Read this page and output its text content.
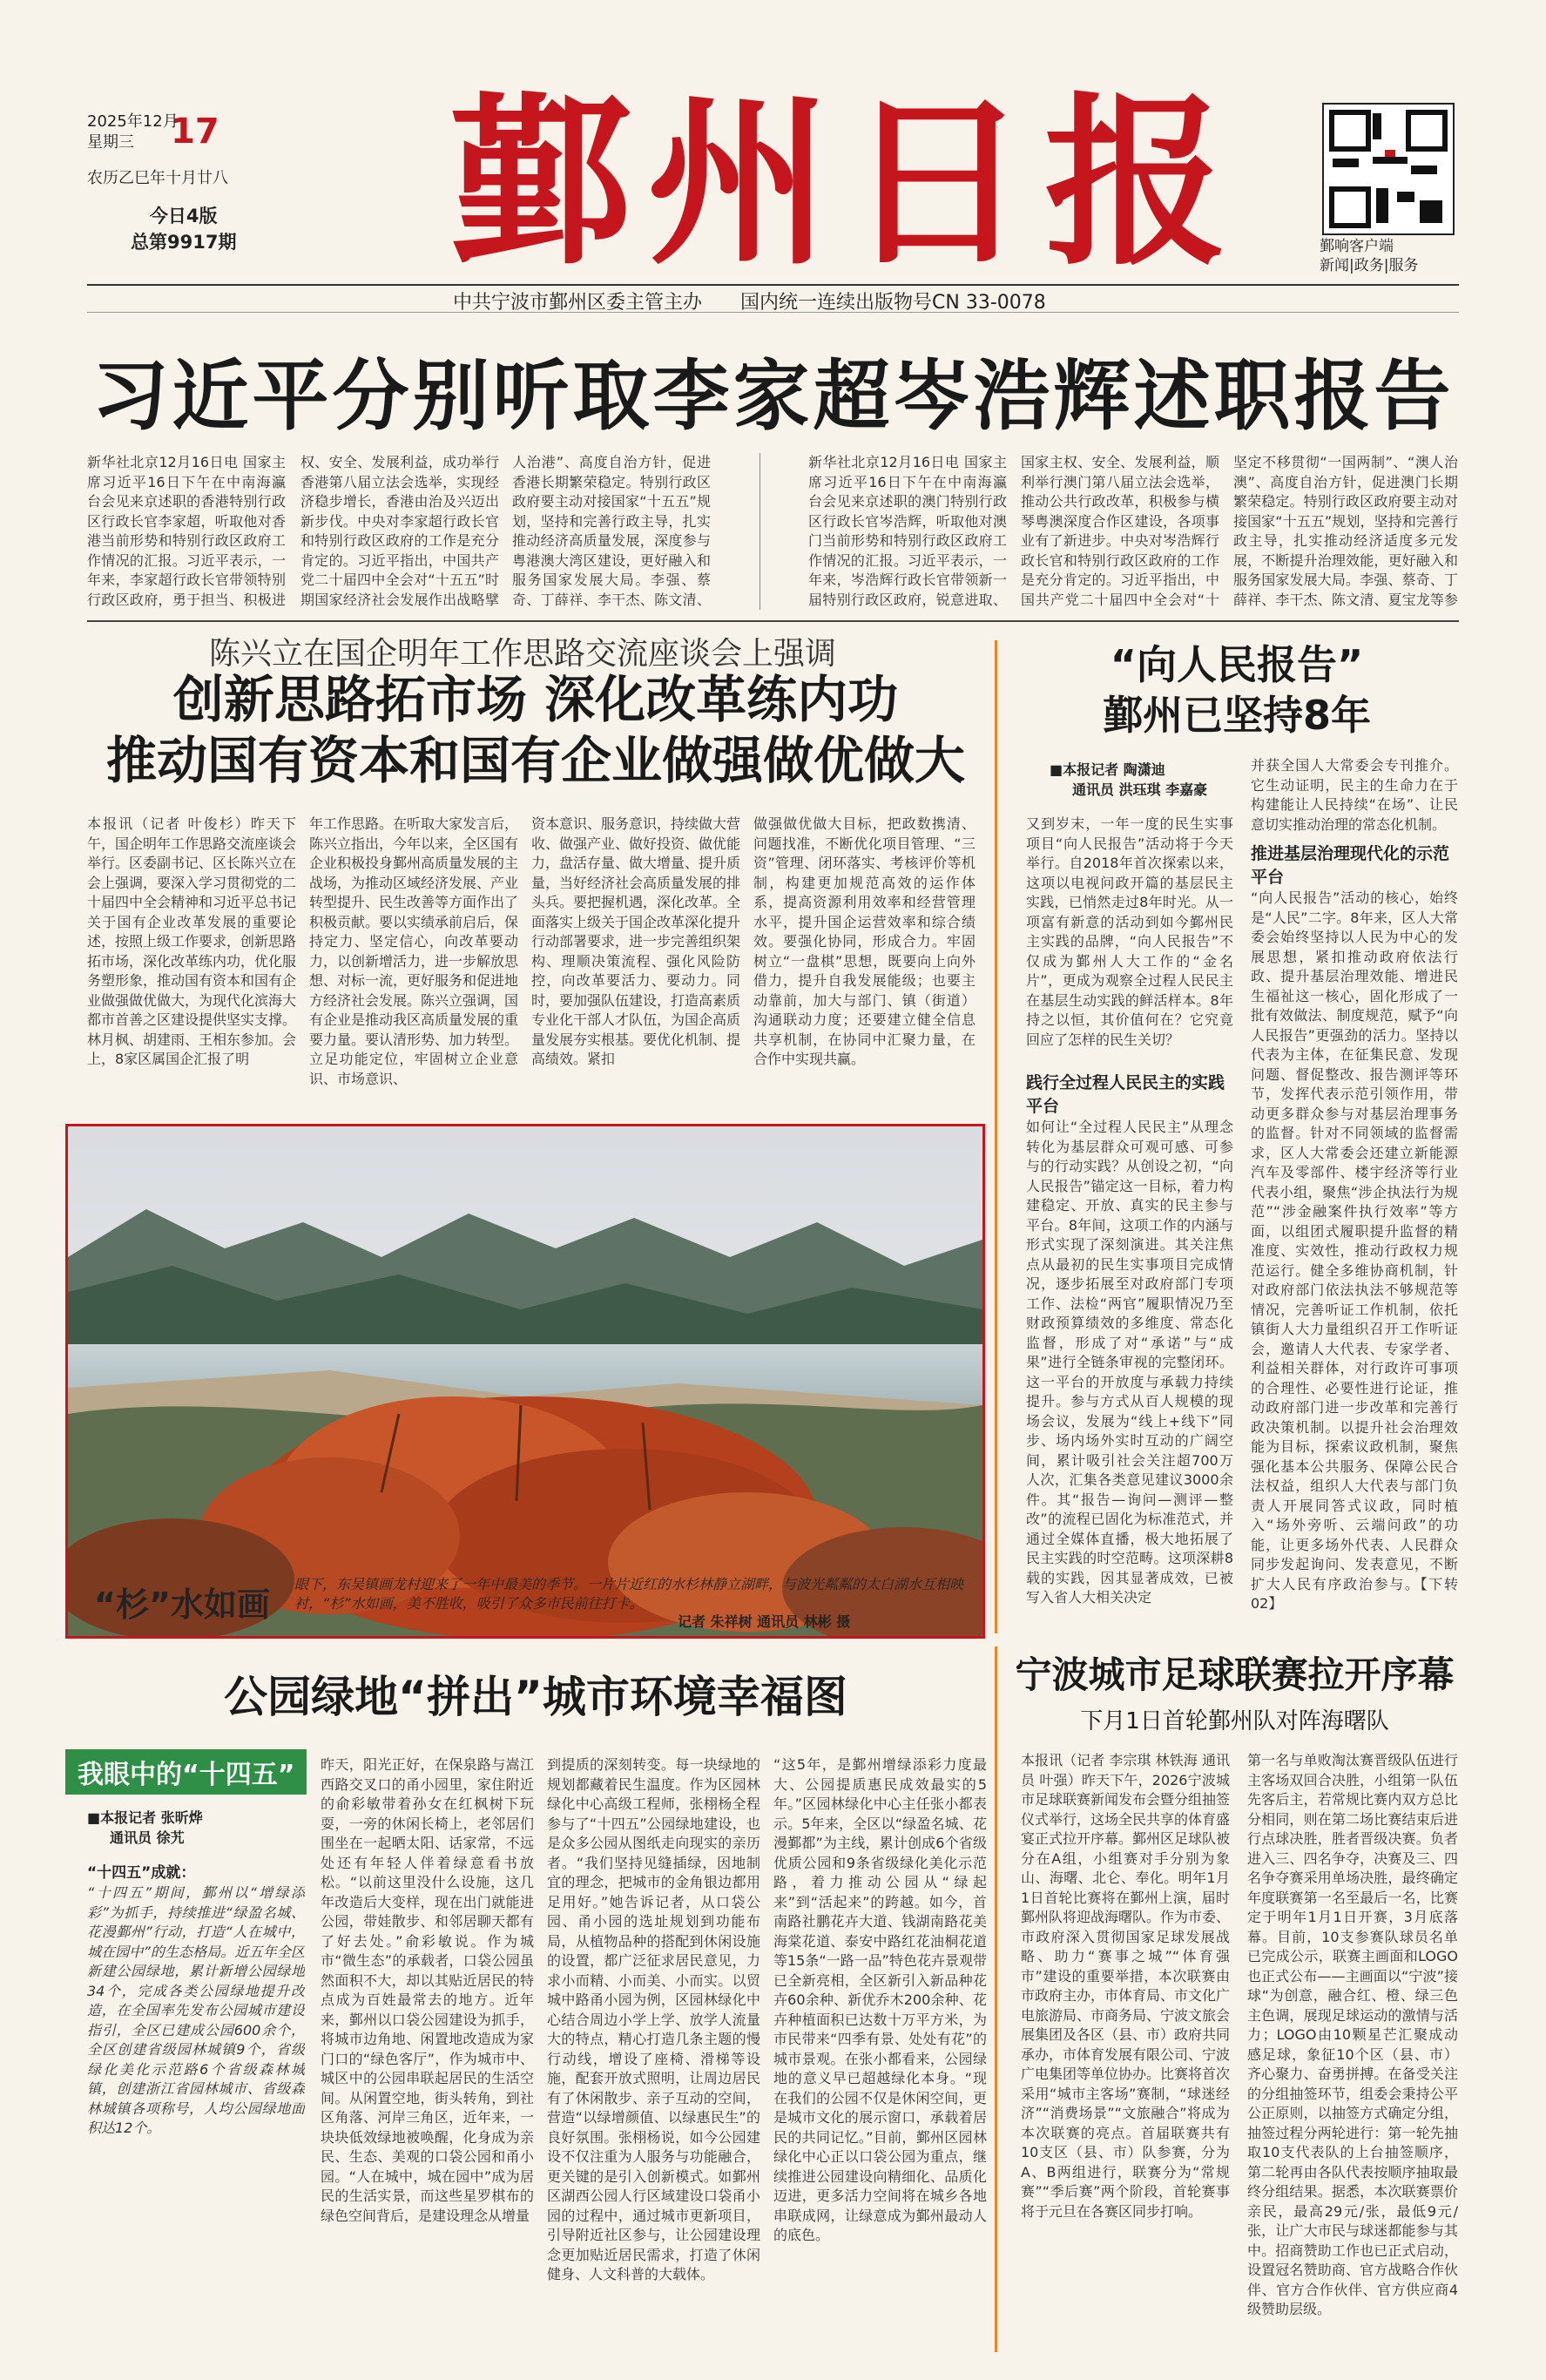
2025年12月
星期三	17
农历乙巳年十月廿八
今日4版
总第9917期 鄞州日报	鄞响客户端
新闻|政务|服务
中共宁波市鄞州区委主管主办 国内统一连续出版物号CN 33-0078
习近平分别听取李家超岑浩辉述职报告
新华社北京12月16日电 国家主席习近平16日下午在中南海瀛台会见来京述职的香港特别行政区行政长官李家超，听取他对香港当前形势和特别行政区政府工作情况的汇报。习近平表示，一年来，李家超行政长官带领特别行政区政府，勇于担当、积极进
权、安全、发展利益，成功举行香港第八届立法会选举，实现经济稳步增长，香港由治及兴迈出新步伐。中央对李家超行政长官和特别行政区政府的工作是充分肯定的。习近平指出，中国共产党二十届四中全会对“十五五”时期国家经济社会发展作出战略擘
人治港”、高度自治方针，促进香港长期繁荣稳定。特别行政区政府要主动对接国家“十五五”规划，坚持和完善行政主导，扎实推动经济高质量发展，深度参与粤港澳大湾区建设，更好融入和服务国家发展大局。李强、蔡奇、丁薛祥、李干杰、陈文清、
新华社北京12月16日电 国家主席习近平16日下午在中南海瀛台会见来京述职的澳门特别行政区行政长官岑浩辉，听取他对澳门当前形势和特别行政区政府工作情况的汇报。习近平表示，一年来，岑浩辉行政长官带领新一届特别行政区政府，锐意进取、
国家主权、安全、发展利益，顺利举行澳门第八届立法会选举，推动公共行政改革，积极参与横琴粤澳深度合作区建设，各项事业有了新进步。中央对岑浩辉行政长官和特别行政区政府的工作是充分肯定的。习近平指出，中国共产党二十届四中全会对“十
坚定不移贯彻“一国两制”、“澳人治澳”、高度自治方针，促进澳门长期繁荣稳定。特别行政区政府要主动对接国家“十五五”规划，坚持和完善行政主导，扎实推动经济适度多元发展，不断提升治理效能，更好融入和服务国家发展大局。李强、蔡奇、丁薛祥、李干杰、陈文清、夏宝龙等参
陈兴立在国企明年工作思路交流座谈会上强调
创新思路拓市场 深化改革练内功
推动国有资本和国有企业做强做优做大
本报讯（记者 叶俊杉）昨天下午，国企明年工作思路交流座谈会举行。区委副书记、区长陈兴立在会上强调，要深入学习贯彻党的二十届四中全会精神和习近平总书记关于国有企业改革发展的重要论述，按照上级工作要求，创新思路拓市场，深化改革练内功，优化服务塑形象，推动国有资本和国有企业做强做优做大，为现代化滨海大都市首善之区建设提供坚实支撑。林月枫、胡建雨、王相东参加。会上，8家区属国企汇报了明
年工作思路。在听取大家发言后，陈兴立指出，今年以来，全区国有企业积极投身鄞州高质量发展的主战场，为推动区域经济发展、产业转型提升、民生改善等方面作出了积极贡献。要以实绩承前启后，保持定力、坚定信心，向改革要动力，以创新增活力，进一步解放思想、对标一流，更好服务和促进地方经济社会发展。陈兴立强调，国有企业是推动我区高质量发展的重要力量。要认清形势、加力转型。立足功能定位，牢固树立企业意识、市场意识、
资本意识、服务意识，持续做大营收、做强产业、做好投资、做优能力，盘活存量、做大增量、提升质量，当好经济社会高质量发展的排头兵。要把握机遇，深化改革。全面落实上级关于国企改革深化提升行动部署要求，进一步完善组织架构、理顺决策流程、强化风险防控，向改革要活力、要动力。同时，要加强队伍建设，打造高素质专业化干部人才队伍，为国企高质量发展夯实根基。要优化机制、提高绩效。紧扣
做强做优做大目标，把政数携清、问题找准，不断优化项目管理、“三资”管理、闭环落实、考核评价等机制，构建更加规范高效的运作体系，提高资源利用效率和经营管理水平，提升国企运营效率和综合绩效。要强化协同，形成合力。牢固树立“一盘棋”思想，既要向上向外借力，提升自我发展能级；也要主动靠前，加大与部门、镇（街道）沟通联动力度；还要建立健全信息共享机制，在协同中汇聚力量，在合作中实现共赢。
“杉”水如画
眼下，东吴镇画龙村迎来了一年中最美的季节。一片片近红的水杉林静立湖畔，与波光粼粼的太白湖水互相映衬，“杉”水如画，美不胜收，吸引了众多市民前往打卡。
记者 朱祥树 通讯员 林彬 摄
“向人民报告”
鄞州已坚持8年
■本报记者 陶潇迪
通讯员 洪珏琪 李嘉豪
又到岁末，一年一度的民生实事项目“向人民报告”活动将于今天举行。自2018年首次探索以来，这项以电视问政开篇的基层民主实践，已悄然走过8年时光。从一项富有新意的活动到如今鄞州民主实践的品牌，“向人民报告”不仅成为鄞州人大工作的“金名片”，更成为观察全过程人民民主在基层生动实践的鲜活样本。8年持之以恒，其价值何在？它究竟回应了怎样的民生关切？
践行全过程人民民主的实践平台
如何让“全过程人民民主”从理念转化为基层群众可观可感、可参与的行动实践？从创设之初，“向人民报告”锚定这一目标，着力构建稳定、开放、真实的民主参与平台。8年间，这项工作的内涵与形式实现了深刻演进。其关注焦点从最初的民生实事项目完成情况，逐步拓展至对政府部门专项工作、法检“两官”履职情况乃至财政预算绩效的多维度、常态化监督，形成了对“承诺”与“成果”进行全链条审视的完整闭环。这一平台的开放度与承载力持续提升。参与方式从百人规模的现场会议，发展为“线上+线下”同步、场内场外实时互动的广阔空间，累计吸引社会关注超700万人次，汇集各类意见建议3000余件。其“报告—询问—测评—整改”的流程已固化为标准范式，并通过全媒体直播，极大地拓展了民主实践的时空范畴。这项深耕8载的实践，因其显著成效，已被写入省人大相关决定
并获全国人大常委会专刊推介。它生动证明，民主的生命力在于构建能让人民持续“在场”、让民意切实推动治理的常态化机制。
推进基层治理现代化的示范平台
“向人民报告”活动的核心，始终是“人民”二字。8年来，区人大常委会始终坚持以人民为中心的发展思想，紧扣推动政府依法行政、提升基层治理效能、增进民生福祉这一核心，固化形成了一批有效做法、制度规范，赋予“向人民报告”更强劲的活力。坚持以代表为主体，在征集民意、发现问题、督促整改、报告测评等环节，发挥代表示范引领作用，带动更多群众参与对基层治理事务的监督。针对不同领域的监督需求，区人大常委会还建立新能源汽车及零部件、楼宇经济等行业代表小组，聚焦“涉企执法行为规范”“涉金融案件执行效率”等方面，以组团式履职提升监督的精准度、实效性，推动行政权力规范运行。健全多维协商机制，针对政府部门依法执法不够规范等情况，完善听证工作机制，依托镇街人大力量组织召开工作听证会，邀请人大代表、专家学者、利益相关群体，对行政许可事项的合理性、必要性进行论证，推动政府部门进一步改革和完善行政决策机制。以提升社会治理效能为目标，探索议政机制，聚焦强化基本公共服务、保障公民合法权益，组织人大代表与部门负责人开展同答式议政，同时植入“场外旁听、云端问政”的功能，让更多场外代表、人民群众同步发起询问、发表意见，不断扩大人民有序政治参与。【下转02】
公园绿地“拼出”城市环境幸福图
我眼中的“十四五”
■本报记者 张昕烨
通讯员 徐艽
“十四五”成就：
“十四五”期间，鄞州以“增绿添彩”为抓手，持续推进“绿盈名城、花漫鄞州”行动，打造“人在城中，城在园中”的生态格局。近五年全区新建公园绿地，累计新增公园绿地34个，完成各类公园绿地提升改造，在全国率先发布公园城市建设指引，全区已建成公园600余个，全区创建省级园林城镇9个，省级绿化美化示范路6个省级森林城镇，创建浙江省园林城市、省级森林城镇各项称号，人均公园绿地面积达12个。
昨天，阳光正好，在保泉路与嵩江西路交叉口的甬小园里，家住附近的俞彩敏带着孙女在红枫树下玩耍，一旁的休闲长椅上，老邻居们围坐在一起晒太阳、话家常，不远处还有年轻人伴着绿意看书放松。“以前这里没什么设施，这几年改造后大变样，现在出门就能进公园，带娃散步、和邻居聊天都有了好去处。”俞彩敏说。作为城市“微生态”的承载者，口袋公园虽然面积不大，却以其贴近居民的特点成为百姓最常去的地方。近年来，鄞州以口袋公园建设为抓手，将城市边角地、闲置地改造成为家门口的“绿色客厅”，作为城市中、城区中的公园串联起居民的生活空间。从闲置空地，街头转角，到社区角落、河岸三角区，近年来，一块块低效绿地被唤醒，化身成为亲民、生态、美观的口袋公园和甬小园。“人在城中，城在园中”成为居民的生活实景，而这些星罗棋布的绿色空间背后，是建设理念从增量
到提质的深刻转变。每一块绿地的规划都藏着民生温度。作为区园林绿化中心高级工程师，张栩杨全程参与了“十四五”公园绿地建设，也是众多公园从图纸走向现实的亲历者。“我们坚持见缝插绿，因地制宜的理念，把城市的金角银边都用足用好。”她告诉记者，从口袋公园、甬小园的选址规划到功能布局，从植物品种的搭配到休闲设施的设置，都广泛征求居民意见，力求小而精、小而美、小而实。以贸城中路甬小园为例，区园林绿化中心结合周边小学上学、放学人流量大的特点，精心打造几条主题的慢行动线，增设了座椅、滑梯等设施，配套开放式照明，让周边居民有了休闲散步、亲子互动的空间，营造“以绿增颜值、以绿惠民生”的良好氛围。张栩杨说，如今公园建设不仅注重为人服务与功能融合，更关键的是引入创新模式。如鄞州区湖西公园人行区域建设口袋甬小园的过程中，通过城市更新项目，引导附近社区参与，让公园建设理念更加贴近居民需求，打造了休闲健身、人文科普的大载体。
“这5年，是鄞州增绿添彩力度最大、公园提质惠民成效最实的5年。”区园林绿化中心主任张小都表示。5年来，全区以“绿盈名城、花漫鄞都”为主线，累计创成6个省级优质公园和9条省级绿化美化示范路，着力推动公园从“绿起来”到“活起来”的跨越。如今，首南路社鹏花卉大道、钱湖南路花美海棠花道、泰安中路红花油桐花道等15条“一路一品”特色花卉景观带已全新亮相，全区新引入新品种花卉60余种、新优乔木200余种、花卉种植面积已达数十万平方米，为市民带来“四季有景、处处有花”的城市景观。在张小都看来，公园绿地的意义早已超越绿化本身。“现在我们的公园不仅是休闲空间，更是城市文化的展示窗口，承载着居民的共同记忆。”目前，鄞州区园林绿化中心正以口袋公园为重点，继续推进公园建设向精细化、品质化迈进，更多活力空间将在城乡各地串联成网，让绿意成为鄞州最动人的底色。
宁波城市足球联赛拉开序幕
下月1日首轮鄞州队对阵海曙队
本报讯（记者 李宗琪 林铁海 通讯员 叶强）昨天下午，2026宁波城市足球联赛新闻发布会暨分组抽签仪式举行，这场全民共享的体育盛宴正式拉开序幕。鄞州区足球队被分在A组，小组赛对手分别为象山、海曙、北仑、奉化。明年1月1日首轮比赛将在鄞州上演，届时鄞州队将迎战海曙队。作为市委、市政府深入贯彻国家足球发展战略、助力“赛事之城”“体育强市”建设的重要举措，本次联赛由市政府主办，市体育局、市文化广电旅游局、市商务局、宁波文旅会展集团及各区（县、市）政府共同承办，市体育发展有限公司、宁波广电集团等单位协办。比赛将首次采用“城市主客场”赛制，“球迷经济”“消费场景”“文旅融合”将成为本次联赛的亮点。首届联赛共有10支区（县、市）队参赛，分为A、B两组进行，联赛分为“常规赛”“季后赛”两个阶段，首轮赛事将于元旦在各赛区同步打响。
第一名与单败淘汰赛晋级队伍进行主客场双回合决胜，小组第一队伍先客后主，若常规比赛内双方总比分相同，则在第二场比赛结束后进行点球决胜，胜者晋级决赛。负者进入三、四名争夺，决赛及三、四名争夺赛采用单场决胜，最终确定年度联赛第一名至最后一名，比赛定于明年1月1日开赛，3月底落幕。目前，10支参赛队球员名单已完成公示，联赛主画面和LOGO也正式公布——主画面以“宁波”接球“为创意，融合红、橙、绿三色主色调，展现足球运动的激情与活力；LOGO由10颗星芒汇聚成动感足球，象征10个区（县、市）齐心聚力、奋勇拼搏。在备受关注的分组抽签环节，组委会秉持公平公正原则，以抽签方式确定分组，抽签过程分两轮进行：第一轮先抽取10支代表队的上台抽签顺序，第二轮再由各队代表按顺序抽取最终分组结果。据悉，本次联赛票价亲民，最高29元/张，最低9元/张，让广大市民与球迷都能参与其中。招商赞助工作也已正式启动，设置冠名赞助商、官方战略合作伙伴、官方合作伙伴、官方供应商4级赞助层级。
